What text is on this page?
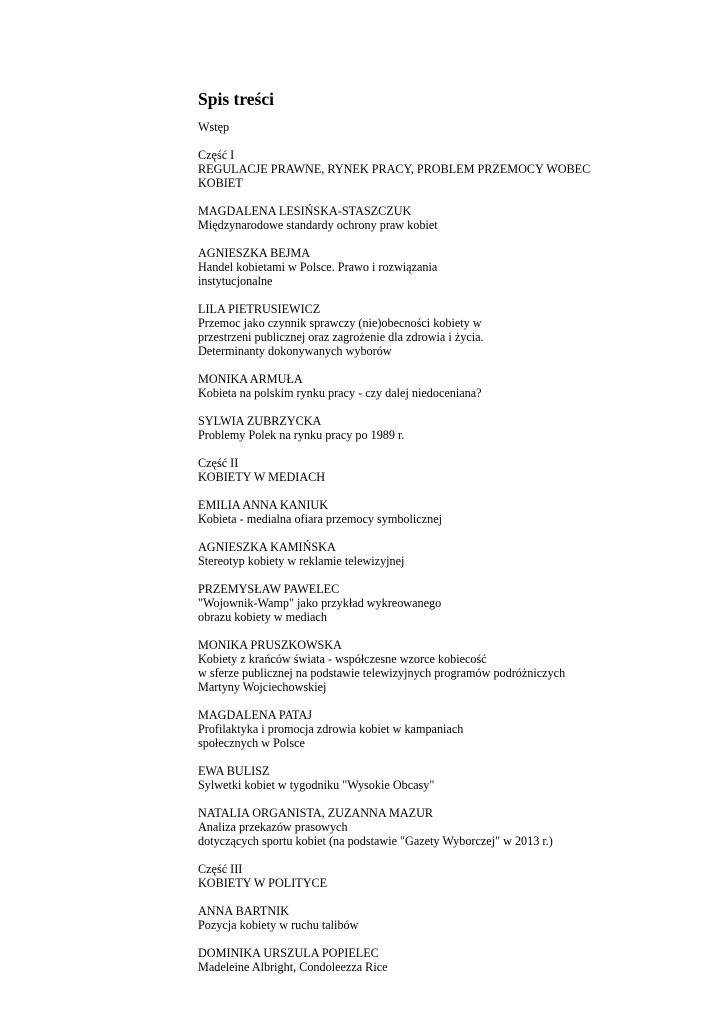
Spis treści
Wstęp
Część I
REGULACJE PRAWNE, RYNEK PRACY, PROBLEM PRZEMOCY WOBEC
KOBIET
MAGDALENA LESIŃSKA-STASZCZUK
Międzynarodowe standardy ochrony praw kobiet
AGNIESZKA BEJMA
Handel kobietami w Polsce. Prawo i rozwiązania
instytucjonalne
LILA PIETRUSIEWICZ
Przemoc jako czynnik sprawczy (nie)obecności kobiety w
przestrzeni publicznej oraz zagrożenie dla zdrowia i życia.
Determinanty dokonywanych wyborów
MONIKA ARMUŁA
Kobieta na polskim rynku pracy - czy dalej niedoceniana?
SYLWIA ZUBRZYCKA
Problemy Polek na rynku pracy po 1989 r.
Część II
KOBIETY W MEDIACH
EMILIA ANNA KANIUK
Kobieta - medialna ofiara przemocy symbolicznej
AGNIESZKA KAMIŃSKA
Stereotyp kobiety w reklamie telewizyjnej
PRZEMYSŁAW PAWELEC
"Wojownik-Wamp" jako przykład wykreowanego
obrazu kobiety w mediach
MONIKA PRUSZKOWSKA
Kobiety z krańców świata - współczesne wzorce kobiecość
w sferze publicznej na podstawie telewizyjnych programów podróżniczych
Martyny Wojciechowskiej
MAGDALENA PATAJ
Profilaktyka i promocja zdrowia kobiet w kampaniach
społecznych w Polsce
EWA BULISZ
Sylwetki kobiet w tygodniku "Wysokie Obcasy"
NATALIA ORGANISTA, ZUZANNA MAZUR
Analiza przekazów prasowych
dotyczących sportu kobiet (na podstawie "Gazety Wyborczej" w 2013 r.)
Część III
KOBIETY W POLITYCE
ANNA BARTNIK
Pozycja kobiety w ruchu talibów
DOMINIKA URSZULA POPIELEC
Madeleine Albright, Condoleezza Rice
